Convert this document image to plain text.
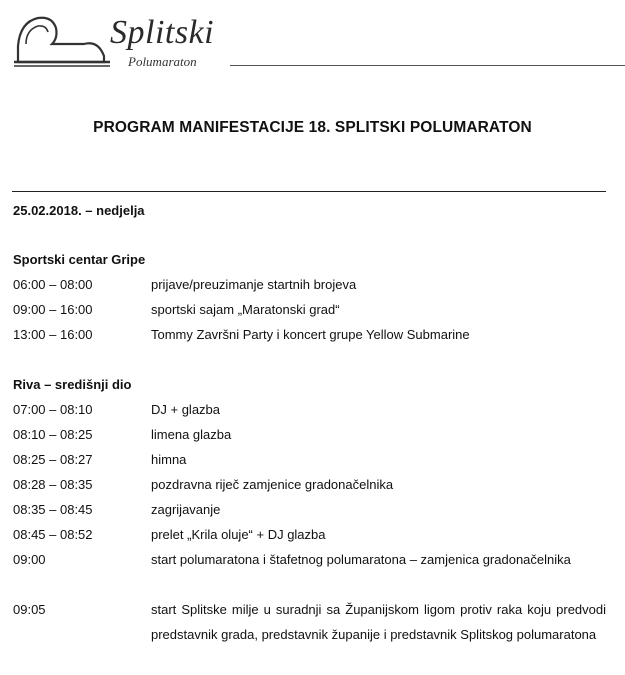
Splitski
Polumaraton
PROGRAM MANIFESTACIJE 18. SPLITSKI POLUMARATON
25.02.2018. – nedjelja
Sportski centar Gripe
06:00 – 08:00	prijave/preuzimanje startnih brojeva
09:00 – 16:00	sportski sajam „Maratonski grad“
13:00 – 16:00	Tommy Završni Party i koncert grupe Yellow Submarine
Riva – središnji dio
07:00 – 08:10	DJ + glazba
08:10 – 08:25	limena glazba
08:25 – 08:27	himna
08:28 – 08:35	pozdravna riječ zamjenice gradonačelnika
08:35 – 08:45	zagrijavanje
08:45 – 08:52	prelet „Krila oluje“ + DJ glazba
09:00	start polumaratona i štafetnog polumaratona – zamjenica gradonačelnika
09:05	start Splitske milje u suradnji sa Županijskom ligom protiv raka koju predvodi predstavnik grada, predstavnik županije i predstavnik Splitskog polumaratona
